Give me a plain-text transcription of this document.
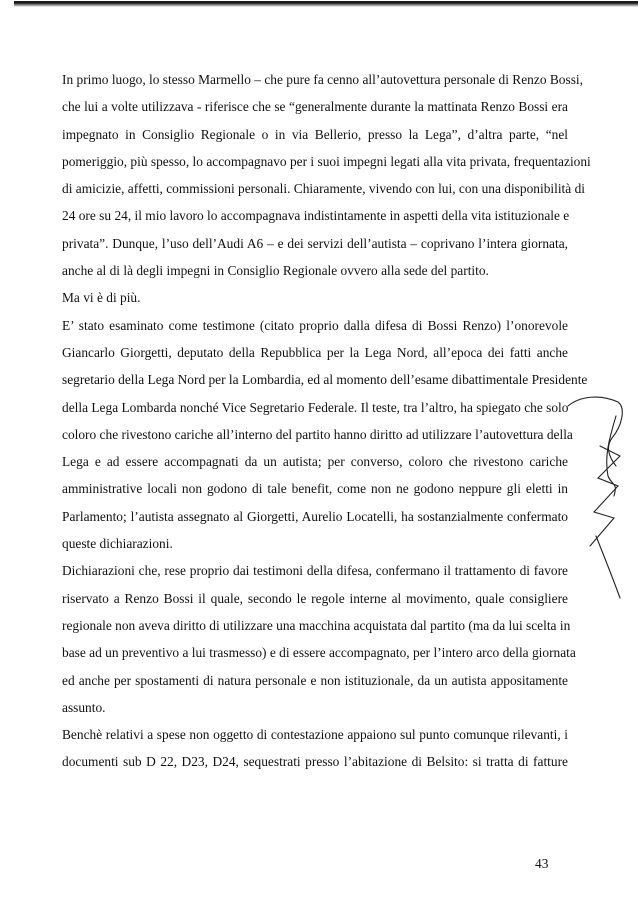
In primo luogo, lo stesso Marmello – che pure fa cenno all’autovettura personale di Renzo Bossi,
che lui a volte utilizzava - riferisce che se “generalmente durante la mattinata Renzo Bossi era
impegnato in Consiglio Regionale o in via Bellerio, presso la Lega”, d’altra parte, “nel
pomeriggio, più spesso, lo accompagnavo per i suoi impegni legati alla vita privata, frequentazioni
di amicizie, affetti, commissioni personali. Chiaramente, vivendo con lui, con una disponibilità di
24 ore su 24, il mio lavoro lo accompagnava indistintamente in aspetti della vita istituzionale e
privata”. Dunque, l’uso dell’Audi A6 – e dei servizi dell’autista – coprivano l’intera giornata,
anche al di là degli impegni in Consiglio Regionale ovvero alla sede del partito.
Ma vi è di più.
E’ stato esaminato come testimone (citato proprio dalla difesa di Bossi Renzo) l’onorevole
Giancarlo Giorgetti, deputato della Repubblica per la Lega Nord, all’epoca dei fatti anche
segretario della Lega Nord per la Lombardia, ed al momento dell’esame dibattimentale Presidente
della Lega Lombarda nonché Vice Segretario Federale. Il teste, tra l’altro, ha spiegato che solo
coloro che rivestono cariche all’interno del partito hanno diritto ad utilizzare l’autovettura della
Lega e ad essere accompagnati da un autista; per converso, coloro che rivestono cariche
amministrative locali non godono di tale benefit, come non ne godono neppure gli eletti in
Parlamento; l’autista assegnato al Giorgetti, Aurelio Locatelli, ha sostanzialmente confermato
queste dichiarazioni.
Dichiarazioni che, rese proprio dai testimoni della difesa, confermano il trattamento di favore
riservato a Renzo Bossi il quale, secondo le regole interne al movimento, quale consigliere
regionale non aveva diritto di utilizzare una macchina acquistata dal partito (ma da lui scelta in
base ad un preventivo a lui trasmesso) e di essere accompagnato, per l’intero arco della giornata
ed anche per spostamenti di natura personale e non istituzionale, da un autista appositamente
assunto.
Benchè relativi a spese non oggetto di contestazione appaiono sul punto comunque rilevanti, i
documenti sub D 22, D23, D24, sequestrati presso l’abitazione di Belsito: si tratta di fatture
43
